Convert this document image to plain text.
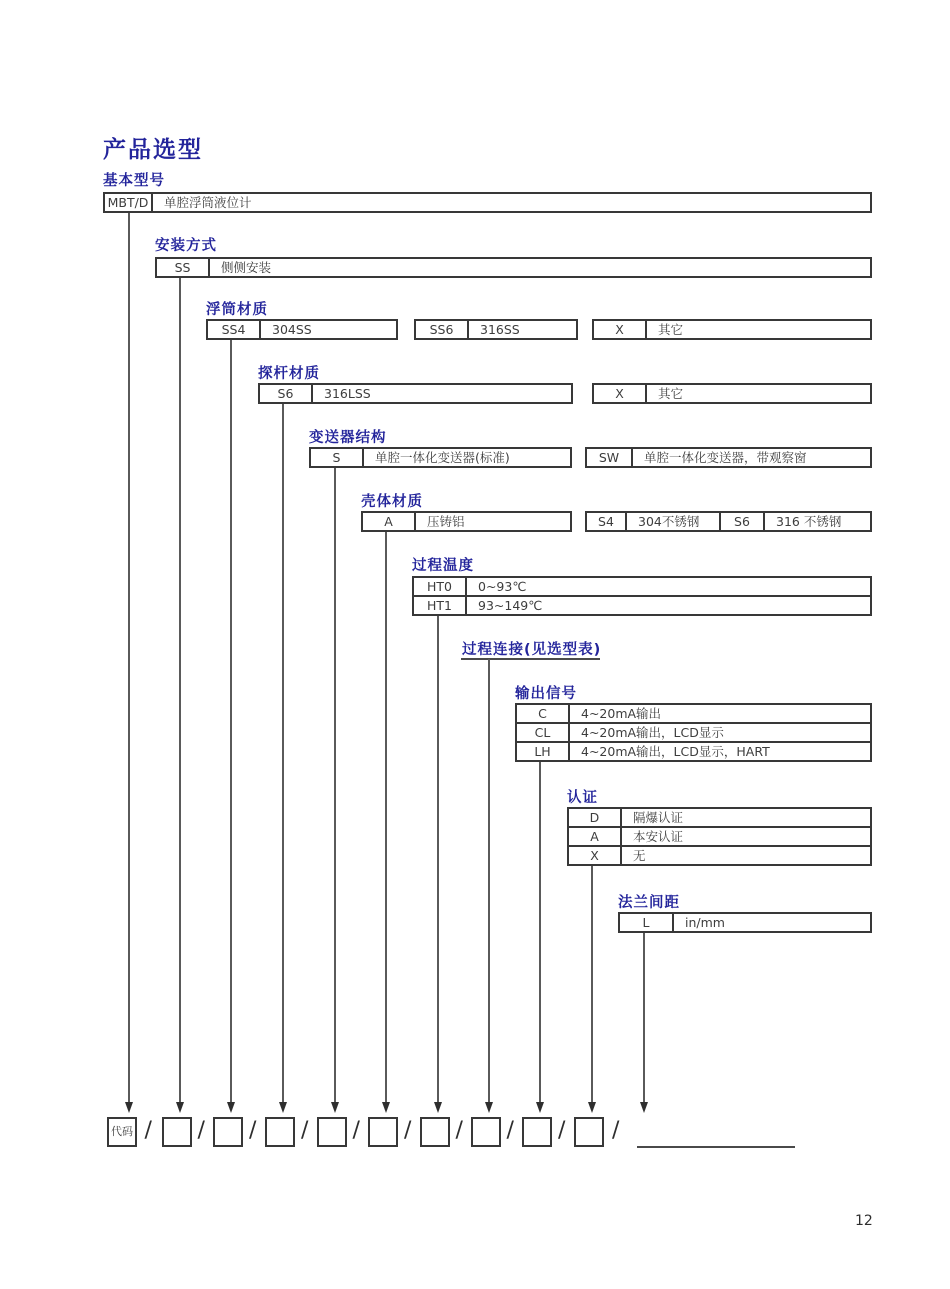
产品选型
基本型号
MBT/D	单腔浮筒液位计
安装方式
SS	侧侧安装
浮筒材质
SS4	304SS	SS6	316SS	X	其它
探杆材质
S6	316LSS	X	其它
变送器结构
S	单腔一体化变送器(标准)	SW	单腔一体化变送器，带观察窗
壳体材质
A	压铸铝	S4	304不锈钢	S6	316 不锈钢
过程温度
HT0	0~93℃
HT1	93~149℃
过程连接(见选型表)
输出信号
C	4~20mA输出
CL	4~20mA输出，LCD显示
LH	4~20mA输出，LCD显示，HART
认证
D	隔爆认证
A	本安认证
X	无
法兰间距
L	in/mm
代码 / / / / / / / / / /
12
